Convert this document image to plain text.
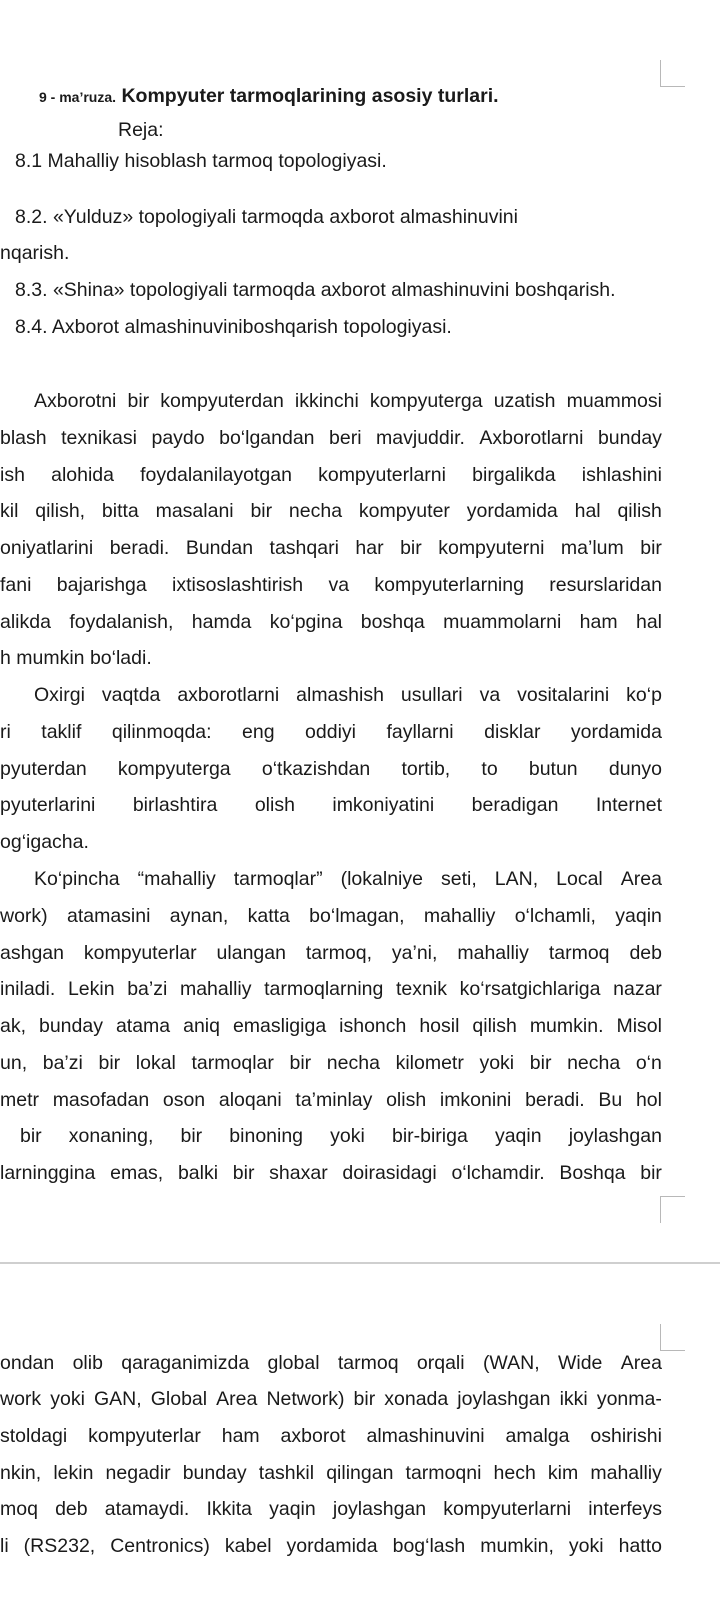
9 - ma’ruza. Kompyuter tarmoqlarining asosiy turlari.
Reja:
8.1 Mahalliy hisoblash tarmoq topologiyasi.
8.2. «Yulduz» topologiyali tarmoqda axborot almashinuvini
nqarish.
8.3. «Shina» topologiyali tarmoqda axborot almashinuvini boshqarish.
8.4. Axborot almashinuviniboshqarish topologiyasi.
Axborotni bir kompyuterdan ikkinchi kompyuterga uzatish muammosi
blash texnikasi paydo bo‘lgandan beri mavjuddir. Axborotlarni bunday
ish alohida foydalanilayotgan kompyuterlarni birgalikda ishlashini
kil qilish, bitta masalani bir necha kompyuter yordamida hal qilish
oniyatlarini beradi. Bundan tashqari har bir kompyuterni ma’lum bir
fani bajarishga ixtisoslashtirish va kompyuterlarning resurslaridan
alikda foydalanish, hamda ko‘pgina boshqa muammolarni ham hal
h mumkin bo‘ladi.
Oxirgi vaqtda axborotlarni almashish usullari va vositalarini ko‘p
ri taklif qilinmoqda: eng oddiyi fayllarni disklar yordamida
pyuterdan kompyuterga o‘tkazishdan tortib, to butun dunyo
pyuterlarini birlashtira olish imkoniyatini beradigan Internet
og‘igacha.
Ko‘pincha “mahalliy tarmoqlar” (lokalniye seti, LAN, Local Area
work) atamasini aynan, katta bo‘lmagan, mahalliy o‘lchamli, yaqin
ashgan kompyuterlar ulangan tarmoq, ya’ni, mahalliy tarmoq deb
iniladi. Lekin ba’zi mahalliy tarmoqlarning texnik ko‘rsatgichlariga nazar
ak, bunday atama aniq emasligiga ishonch hosil qilish mumkin. Misol
un, ba’zi bir lokal tarmoqlar bir necha kilometr yoki bir necha o‘n
metr masofadan oson aloqani ta’minlay olish imkonini beradi. Bu hol
bir xonaning, bir binoning yoki bir-biriga yaqin joylashgan
larninggina emas, balki bir shaxar doirasidagi o‘lchamdir. Boshqa bir
ondan olib qaraganimizda global tarmoq orqali (WAN, Wide Area
work yoki GAN, Global Area Network) bir xonada joylashgan ikki yonma-
stoldagi kompyuterlar ham axborot almashinuvini amalga oshirishi
nkin, lekin negadir bunday tashkil qilingan tarmoqni hech kim mahalliy
moq deb atamaydi. Ikkita yaqin joylashgan kompyuterlarni interfeys
li (RS232, Centronics) kabel yordamida bog‘lash mumkin, yoki hatto
